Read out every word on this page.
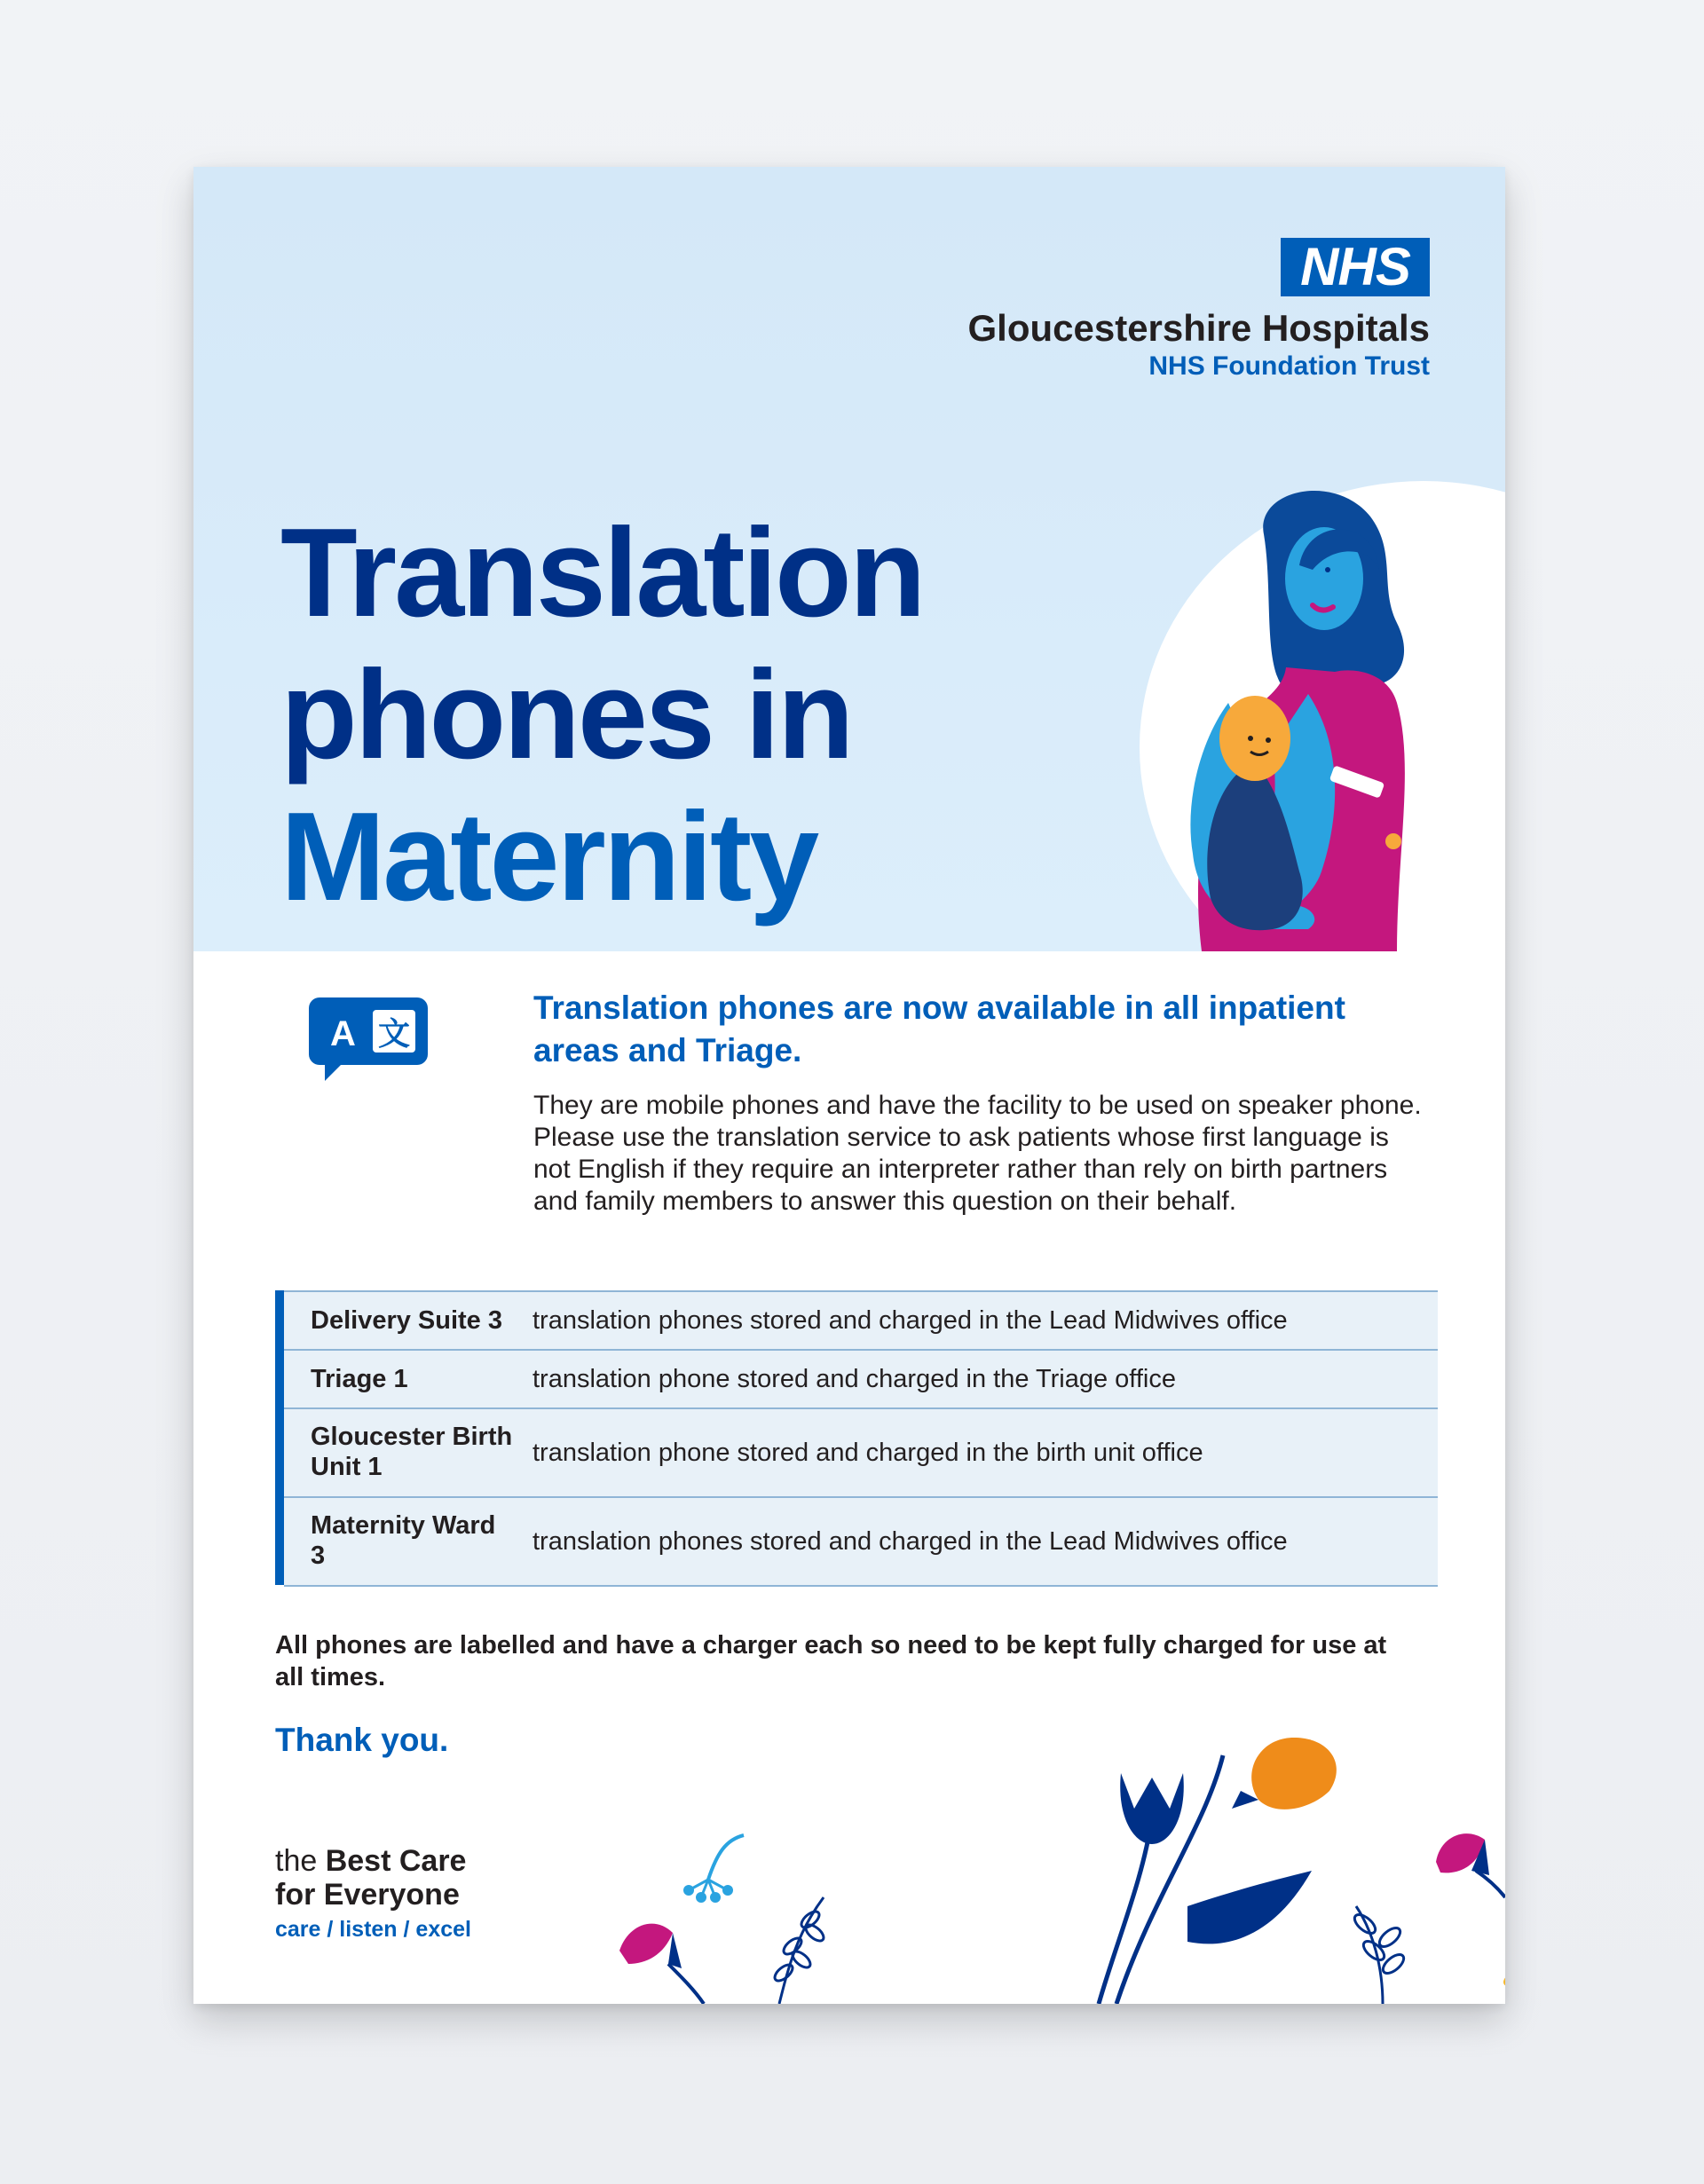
NHS
Gloucestershire Hospitals
NHS Foundation Trust
Translation
phones in
Maternity
A 文

Translation phones are now available in all inpatient areas and Triage.

They are mobile phones and have the facility to be used on speaker phone. Please use the translation service to ask patients whose first language is not English if they require an interpreter rather than rely on birth partners and family members to answer this question on their behalf.

Delivery Suite 3	translation phones stored and charged in the Lead Midwives office
Triage 1	translation phone stored and charged in the Triage office
Gloucester Birth Unit 1	translation phone stored and charged in the birth unit office
Maternity Ward 3	translation phones stored and charged in the Lead Midwives office

All phones are labelled and have a charger each so need to be kept fully charged for use at all times.

Thank you.

the Best Care
for Everyone
care / listen / excel
